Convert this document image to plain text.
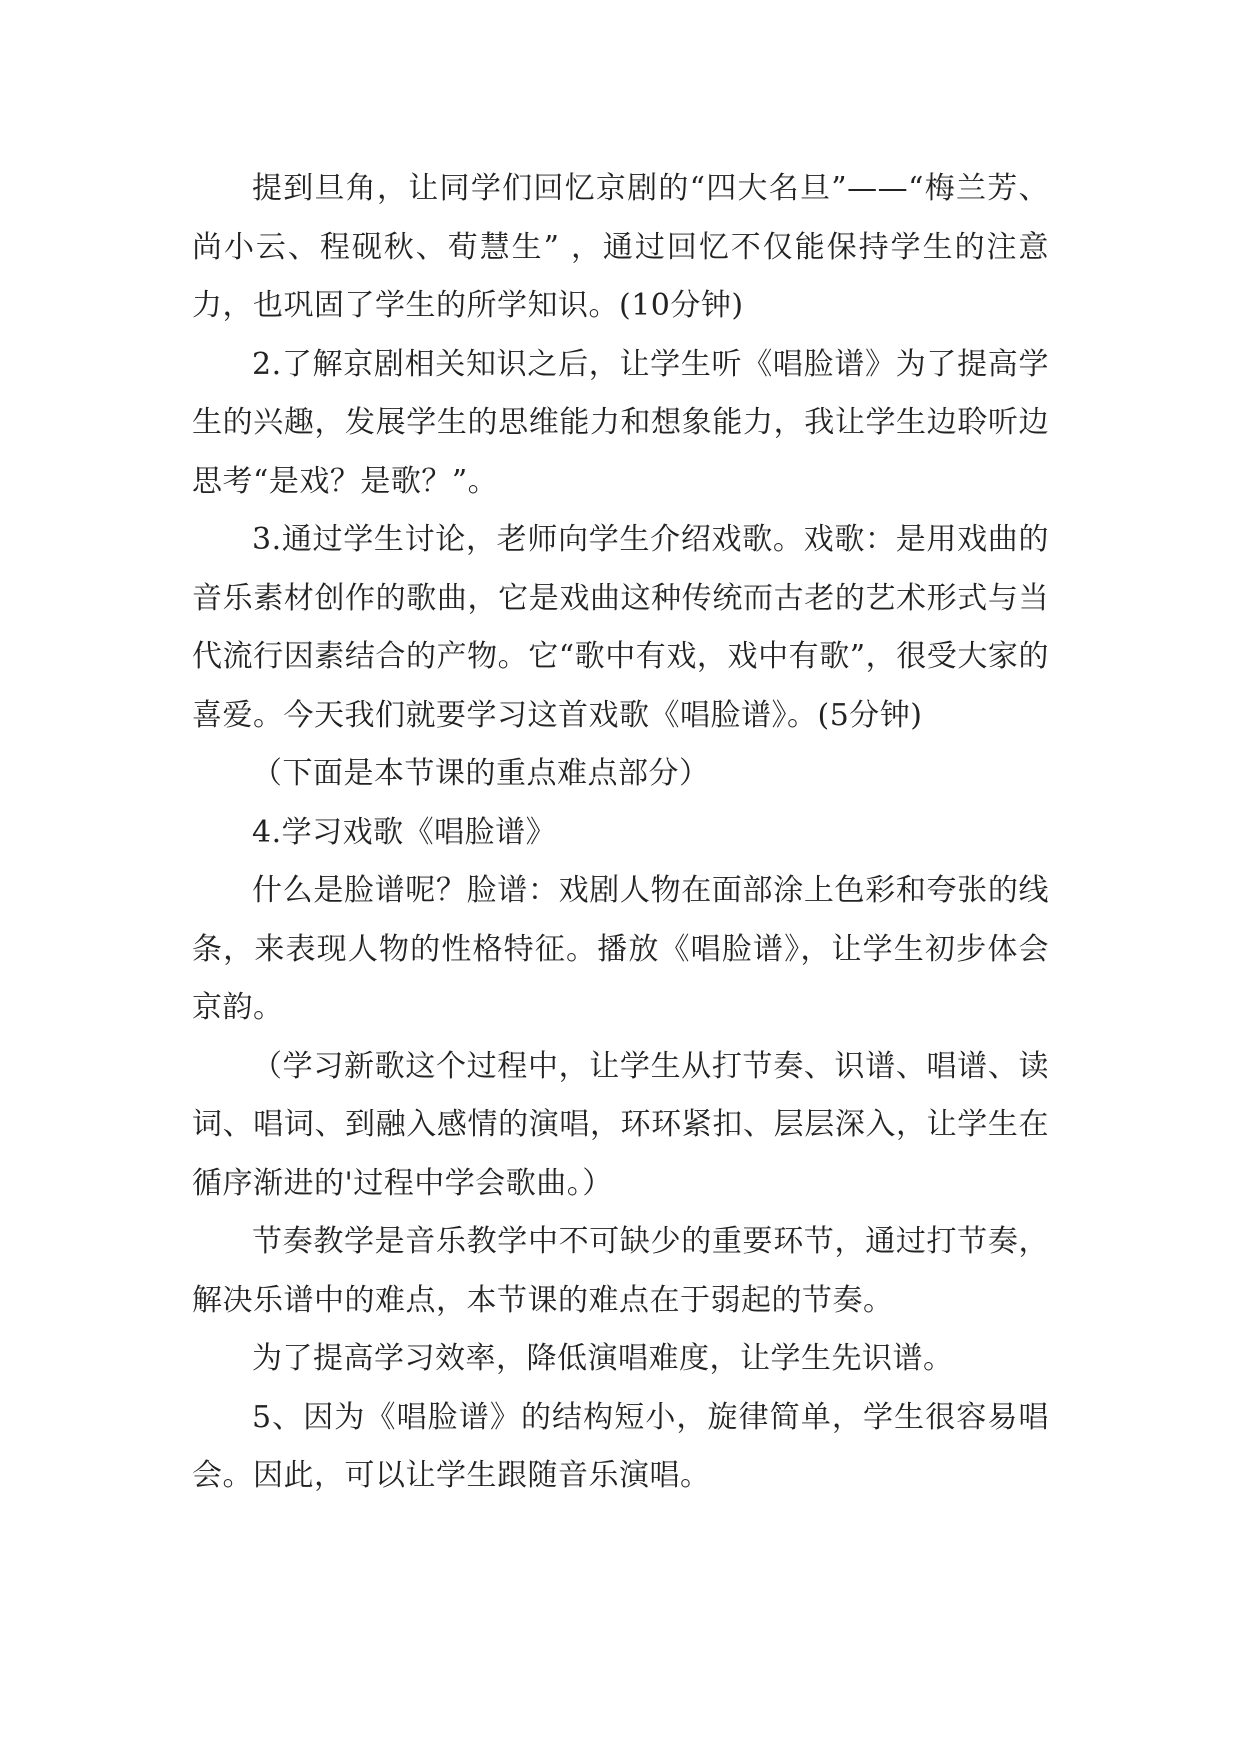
提到旦角，让同学们回忆京剧的“四大名旦”——“梅兰芳、尚小云、程砚秋、荀慧生” ，通过回忆不仅能保持学生的注意力，也巩固了学生的所学知识。(10分钟)

2.了解京剧相关知识之后，让学生听《唱脸谱》为了提高学生的兴趣，发展学生的思维能力和想象能力，我让学生边聆听边思考“是戏？是歌？”。

3.通过学生讨论，老师向学生介绍戏歌。戏歌：是用戏曲的音乐素材创作的歌曲，它是戏曲这种传统而古老的艺术形式与当代流行因素结合的产物。它“歌中有戏，戏中有歌”，很受大家的喜爱。今天我们就要学习这首戏歌《唱脸谱》。(5分钟)

（下面是本节课的重点难点部分）

4.学习戏歌《唱脸谱》

什么是脸谱呢？脸谱：戏剧人物在面部涂上色彩和夸张的线条，来表现人物的性格特征。播放《唱脸谱》，让学生初步体会京韵。

（学习新歌这个过程中，让学生从打节奏、识谱、唱谱、读词、唱词、到融入感情的演唱，环环紧扣、层层深入，让学生在循序渐进的'过程中学会歌曲。）

节奏教学是音乐教学中不可缺少的重要环节，通过打节奏，解决乐谱中的难点，本节课的难点在于弱起的节奏。

为了提高学习效率，降低演唱难度，让学生先识谱。

5、因为《唱脸谱》的结构短小，旋律简单，学生很容易唱会。因此，可以让学生跟随音乐演唱。
